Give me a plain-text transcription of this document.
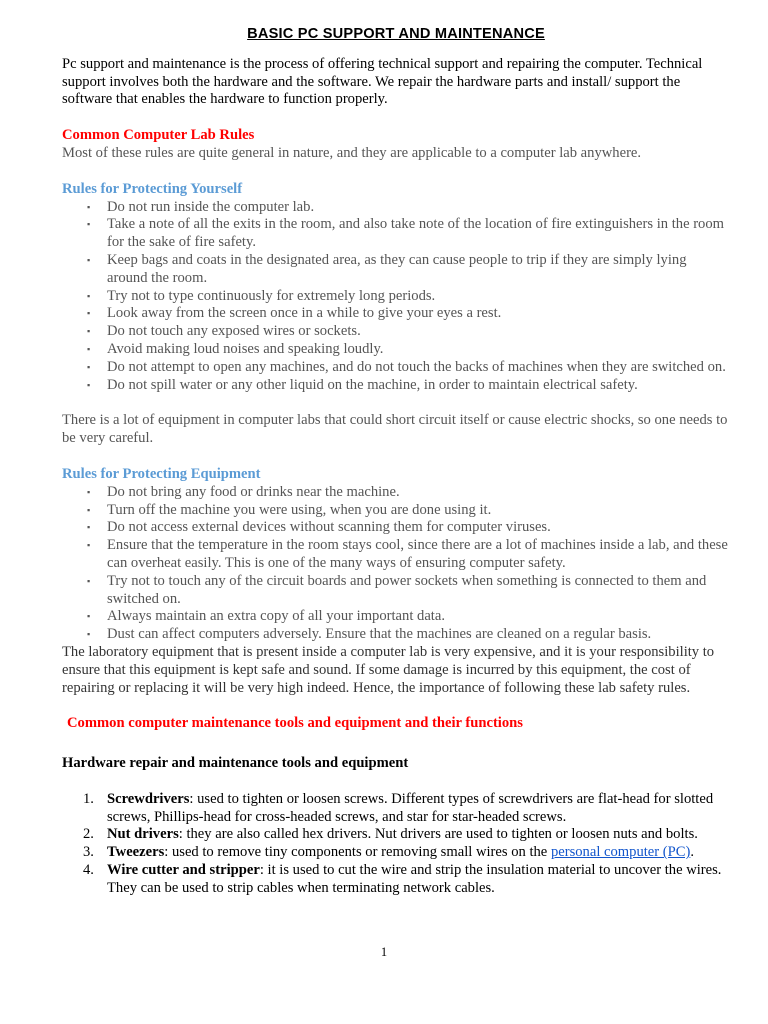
BASIC PC SUPPORT AND MAINTENANCE

Pc support and maintenance is the process of offering technical support and repairing the computer. Technical support involves both the hardware and the software. We repair the hardware parts and install/ support the software that enables the hardware to function properly.

Common Computer Lab Rules

Most of these rules are quite general in nature, and they are applicable to a computer lab anywhere.

Rules for Protecting Yourself

▪ Do not run inside the computer lab.
▪ Take a note of all the exits in the room, and also take note of the location of fire extinguishers in the room for the sake of fire safety.
▪ Keep bags and coats in the designated area, as they can cause people to trip if they are simply lying around the room.
▪ Try not to type continuously for extremely long periods.
▪ Look away from the screen once in a while to give your eyes a rest.
▪ Do not touch any exposed wires or sockets.
▪ Avoid making loud noises and speaking loudly.
▪ Do not attempt to open any machines, and do not touch the backs of machines when they are switched on.
▪ Do not spill water or any other liquid on the machine, in order to maintain electrical safety.

There is a lot of equipment in computer labs that could short circuit itself or cause electric shocks, so one needs to be very careful.

Rules for Protecting Equipment

▪ Do not bring any food or drinks near the machine.
▪ Turn off the machine you were using, when you are done using it.
▪ Do not access external devices without scanning them for computer viruses.
▪ Ensure that the temperature in the room stays cool, since there are a lot of machines inside a lab, and these can overheat easily. This is one of the many ways of ensuring computer safety.
▪ Try not to touch any of the circuit boards and power sockets when something is connected to them and switched on.
▪ Always maintain an extra copy of all your important data.
▪ Dust can affect computers adversely. Ensure that the machines are cleaned on a regular basis.

The laboratory equipment that is present inside a computer lab is very expensive, and it is your responsibility to ensure that this equipment is kept safe and sound. If some damage is incurred by this equipment, the cost of repairing or replacing it will be very high indeed. Hence, the importance of following these lab safety rules.

Common computer maintenance tools and equipment and their functions

Hardware repair and maintenance tools and equipment

1. Screwdrivers: used to tighten or loosen screws. Different types of screwdrivers are flat-head for slotted screws, Phillips-head for cross-headed screws, and star for star-headed screws.
2. Nut drivers: they are also called hex drivers. Nut drivers are used to tighten or loosen nuts and bolts.
3. Tweezers: used to remove tiny components or removing small wires on the personal computer (PC).
4. Wire cutter and stripper: it is used to cut the wire and strip the insulation material to uncover the wires. They can be used to strip cables when terminating network cables.
1
